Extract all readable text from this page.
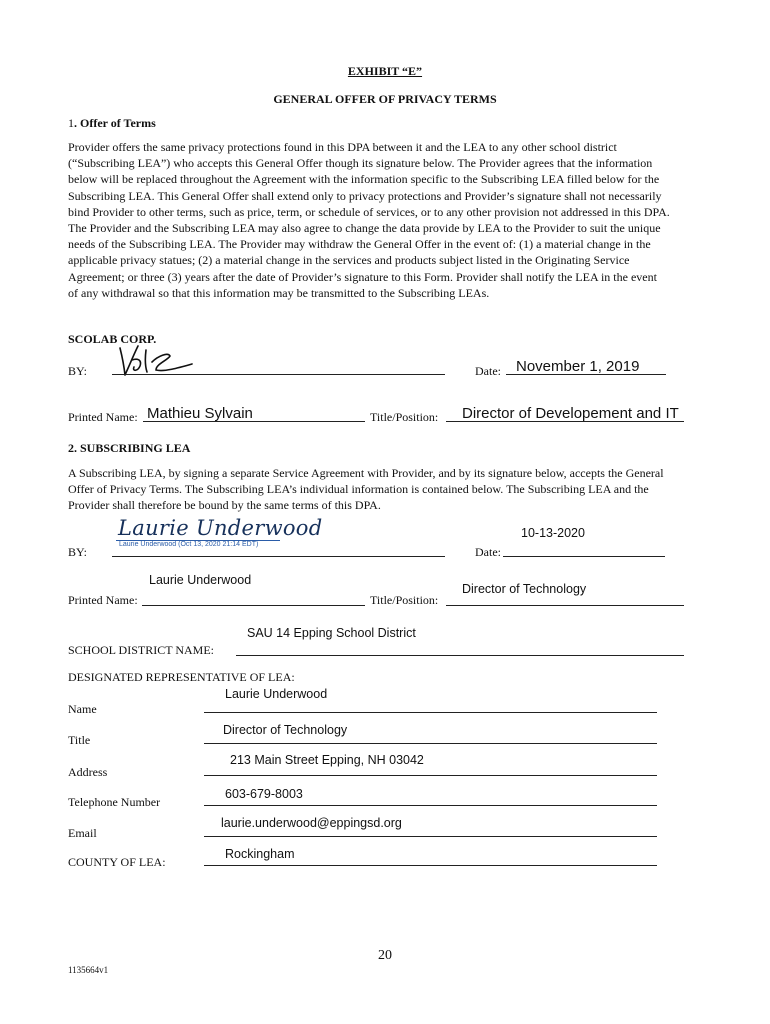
EXHIBIT “E”
GENERAL OFFER OF PRIVACY TERMS
1. Offer of Terms
Provider offers the same privacy protections found in this DPA between it and the LEA to any other school district
(“Subscribing LEA”) who accepts this General Offer though its signature below. The Provider agrees that the information
below will be replaced throughout the Agreement with the information specific to the Subscribing LEA filled below for the
Subscribing LEA. This General Offer shall extend only to privacy protections and Provider’s signature shall not necessarily
bind Provider to other terms, such as price, term, or schedule of services, or to any other provision not addressed in this DPA.
The Provider and the Subscribing LEA may also agree to change the data provide by LEA to the Provider to suit the unique
needs of the Subscribing LEA. The Provider may withdraw the General Offer in the event of: (1) a material change in the
applicable privacy statues; (2) a material change in the services and products subject listed in the Originating Service
Agreement; or three (3) years after the date of Provider’s signature to this Form. Provider shall notify the LEA in the event
of any withdrawal so that this information may be transmitted to the Subscribing LEAs.
SCOLAB CORP.
BY:	Date: November 1, 2019
Printed Name: Mathieu Sylvain	Title/Position: Director of Developement and IT
2. SUBSCRIBING LEA
A Subscribing LEA, by signing a separate Service Agreement with Provider, and by its signature below, accepts the General
Offer of Privacy Terms. The Subscribing LEA’s individual information is contained below. The Subscribing LEA and the
Provider shall therefore be bound by the same terms of this DPA.
BY:
Laurie Underwood
Laurie Underwood (Oct 13, 2020 21:14 EDT)
10-13-2020
Date:
Laurie Underwood
Printed Name:
Director of Technology
Title/Position:
SAU 14 Epping School District
SCHOOL DISTRICT NAME:
DESIGNATED REPRESENTATIVE OF LEA:
Laurie Underwood
Name
Director of Technology
Title
213 Main Street Epping, NH 03042
Address
603-679-8003
Telephone Number
laurie.underwood@eppingsd.org
Email
Rockingham
COUNTY OF LEA:
20
1135664v1
